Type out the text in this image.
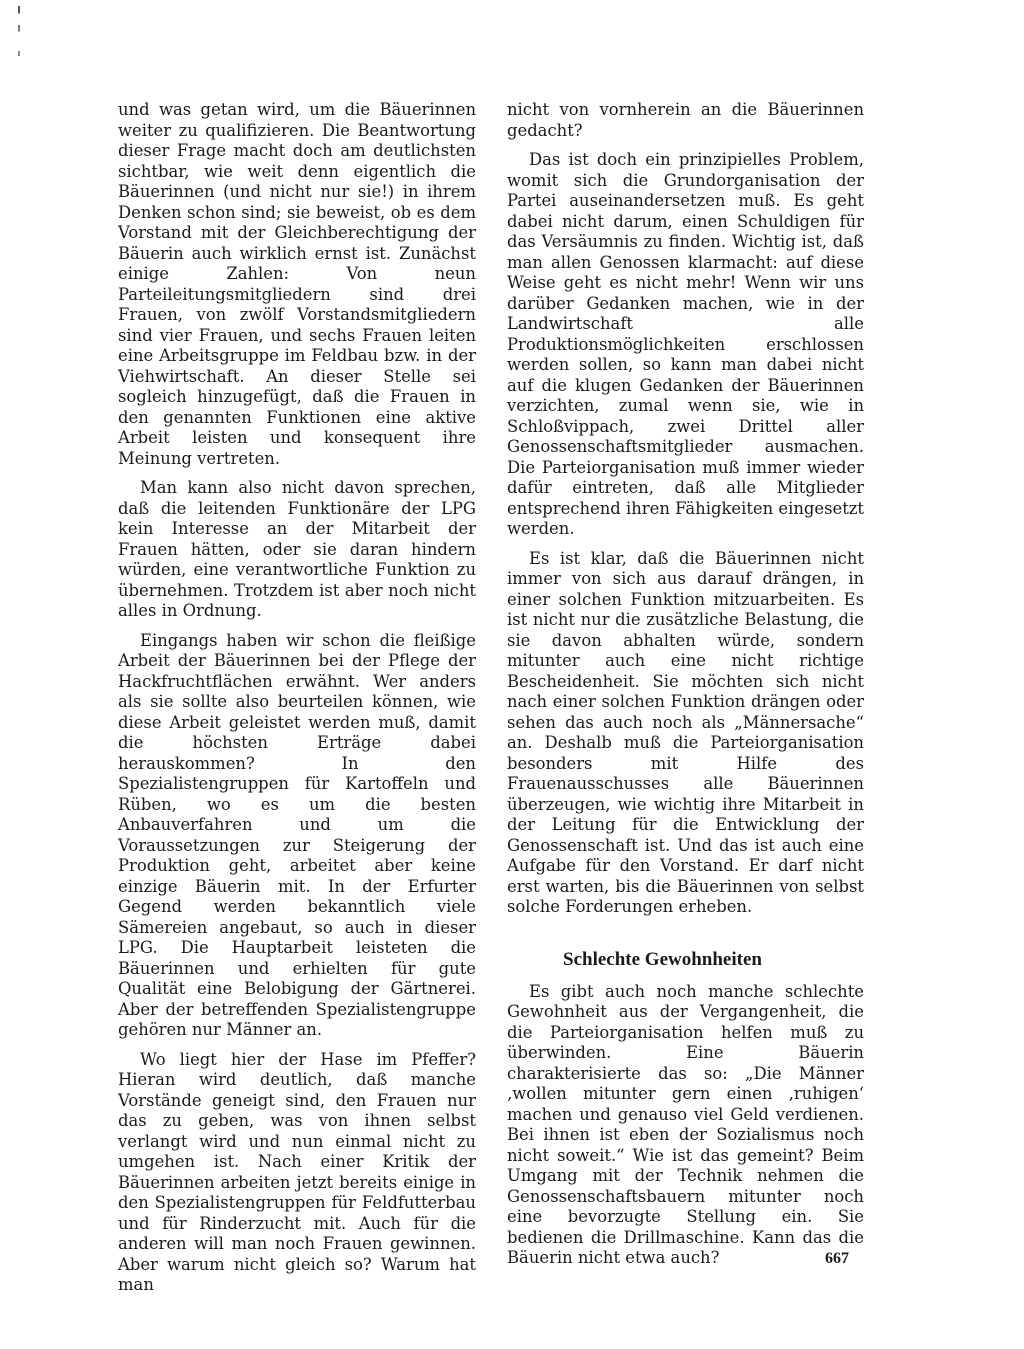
und was getan wird, um die Bäuerinnen weiter zu qualifizieren. Die Beantwortung dieser Frage macht doch am deutlichsten sichtbar, wie weit denn eigentlich die Bäuerinnen (und nicht nur sie!) in ihrem Denken schon sind; sie beweist, ob es dem Vorstand mit der Gleichberechtigung der Bäuerin auch wirklich ernst ist. Zunächst einige Zahlen: Von neun Parteileitungsmitgliedern sind drei Frauen, von zwölf Vorstandsmitgliedern sind vier Frauen, und sechs Frauen leiten eine Arbeitsgruppe im Feldbau bzw. in der Viehwirtschaft. An dieser Stelle sei sogleich hinzugefügt, daß die Frauen in den genannten Funktionen eine aktive Arbeit leisten und konsequent ihre Meinung vertreten.

Man kann also nicht davon sprechen, daß die leitenden Funktionäre der LPG kein Interesse an der Mitarbeit der Frauen hätten, oder sie daran hindern würden, eine verantwortliche Funktion zu übernehmen. Trotzdem ist aber noch nicht alles in Ordnung.

Eingangs haben wir schon die fleißige Arbeit der Bäuerinnen bei der Pflege der Hackfruchtflächen erwähnt. Wer anders als sie sollte also beurteilen können, wie diese Arbeit geleistet werden muß, damit die höchsten Erträge dabei herauskommen? In den Spezialistengruppen für Kartoffeln und Rüben, wo es um die besten Anbauverfahren und um die Voraussetzungen zur Steigerung der Produktion geht, arbeitet aber keine einzige Bäuerin mit. In der Erfurter Gegend werden bekanntlich viele Sämereien angebaut, so auch in dieser LPG. Die Hauptarbeit leisteten die Bäuerinnen und erhielten für gute Qualität eine Belobigung der Gärtnerei. Aber der betreffenden Spezialistengruppe gehören nur Männer an.

Wo liegt hier der Hase im Pfeffer? Hieran wird deutlich, daß manche Vorstände geneigt sind, den Frauen nur das zu geben, was von ihnen selbst verlangt wird und nun einmal nicht zu umgehen ist. Nach einer Kritik der Bäuerinnen arbeiten jetzt bereits einige in den Spezialistengruppen für Feldfutterbau und für Rinderzucht mit. Auch für die anderen will man noch Frauen gewinnen. Aber warum nicht gleich so? Warum hat man

nicht von vornherein an die Bäuerinnen gedacht?

Das ist doch ein prinzipielles Problem, womit sich die Grundorganisation der Partei auseinandersetzen muß. Es geht dabei nicht darum, einen Schuldigen für das Versäumnis zu finden. Wichtig ist, daß man allen Genossen klarmacht: auf diese Weise geht es nicht mehr! Wenn wir uns darüber Gedanken machen, wie in der Landwirtschaft alle Produktionsmöglichkeiten erschlossen werden sollen, so kann man dabei nicht auf die klugen Gedanken der Bäuerinnen verzichten, zumal wenn sie, wie in Schloßvippach, zwei Drittel aller Genossenschaftsmitglieder ausmachen. Die Parteiorganisation muß immer wieder dafür eintreten, daß alle Mitglieder entsprechend ihren Fähigkeiten eingesetzt werden.

Es ist klar, daß die Bäuerinnen nicht immer von sich aus darauf drängen, in einer solchen Funktion mitzuarbeiten. Es ist nicht nur die zusätzliche Belastung, die sie davon abhalten würde, sondern mitunter auch eine nicht richtige Bescheidenheit. Sie möchten sich nicht nach einer solchen Funktion drängen oder sehen das auch noch als „Männersache“ an. Deshalb muß die Parteiorganisation besonders mit Hilfe des Frauenausschusses alle Bäuerinnen überzeugen, wie wichtig ihre Mitarbeit in der Leitung für die Entwicklung der Genossenschaft ist. Und das ist auch eine Aufgabe für den Vorstand. Er darf nicht erst warten, bis die Bäuerinnen von selbst solche Forderungen erheben.

Schlechte Gewohnheiten

Es gibt auch noch manche schlechte Gewohnheit aus der Vergangenheit, die die Parteiorganisation helfen muß zu überwinden. Eine Bäuerin charakterisierte das so: „Die Männer ‚wollen mitunter gern einen ‚ruhigen‘ machen und genauso viel Geld verdienen. Bei ihnen ist eben der Sozialismus noch nicht soweit.“ Wie ist das gemeint? Beim Umgang mit der Technik nehmen die Genossenschaftsbauern mitunter noch eine bevorzugte Stellung ein. Sie bedienen die Drillmaschine. Kann das die Bäuerin nicht etwa auch?	667
